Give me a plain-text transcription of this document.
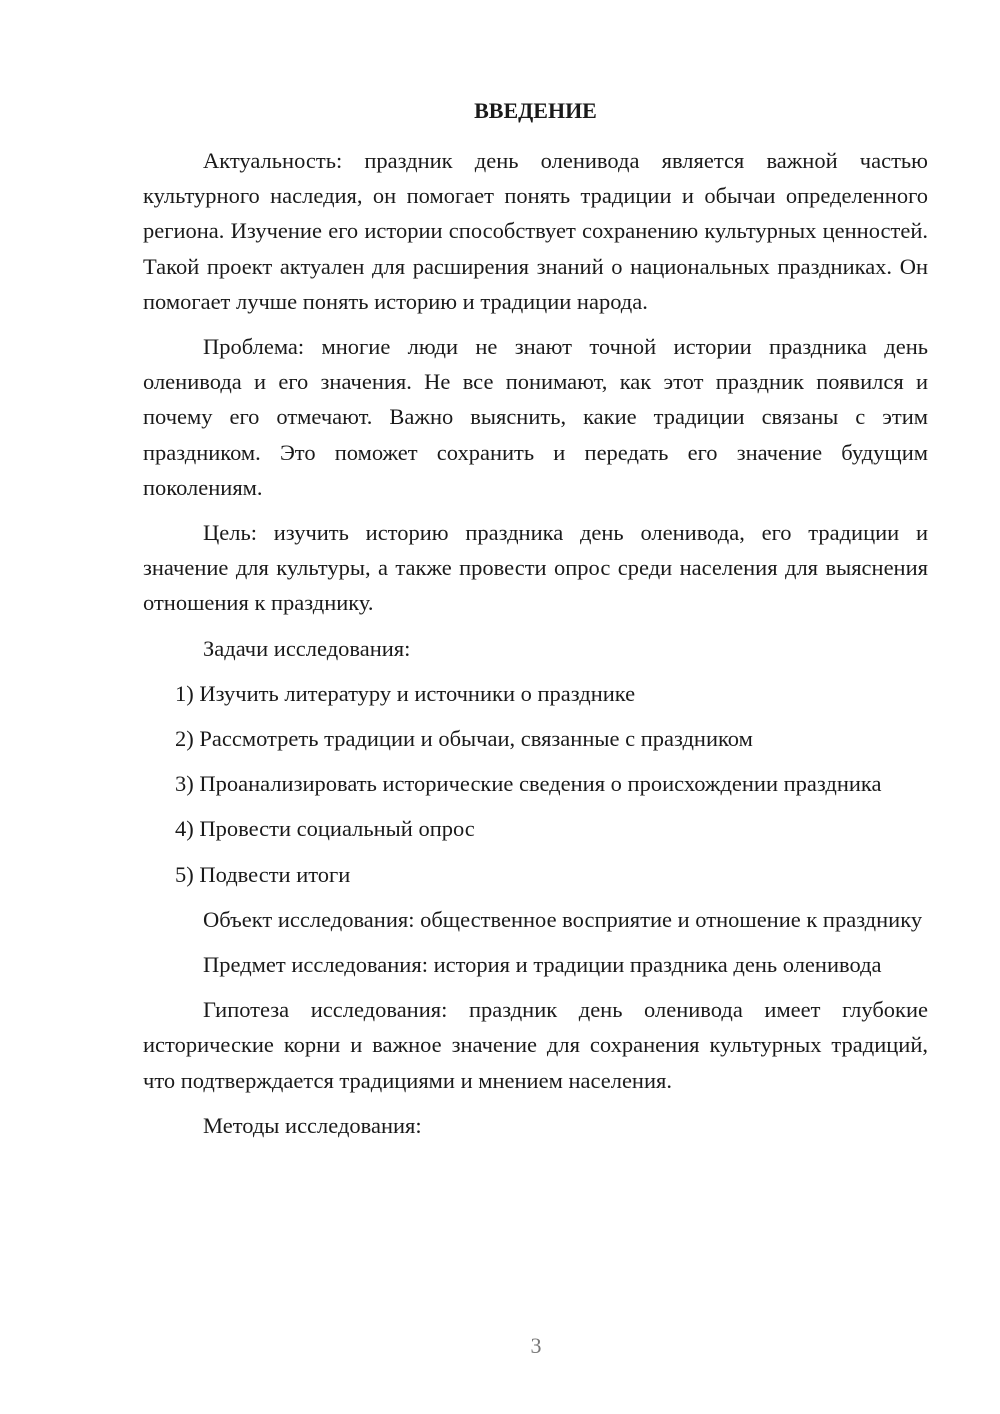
ВВЕДЕНИЕ

Актуальность: праздник день оленивода является важной частью культурного наследия, он помогает понять традиции и обычаи определенного региона. Изучение его истории способствует сохранению культурных ценностей. Такой проект актуален для расширения знаний о национальных праздниках. Он помогает лучше понять историю и традиции народа.

Проблема: многие люди не знают точной истории праздника день оленивода и его значения. Не все понимают, как этот праздник появился и почему его отмечают. Важно выяснить, какие традиции связаны с этим праздником. Это поможет сохранить и передать его значение будущим поколениям.

Цель: изучить историю праздника день оленивода, его традиции и значение для культуры, а также провести опрос среди населения для выяснения отношения к празднику.

Задачи исследования:

1) Изучить литературу и источники о празднике

2) Рассмотреть традиции и обычаи, связанные с праздником

3) Проанализировать исторические сведения о происхождении праздника

4) Провести социальный опрос

5) Подвести итоги

Объект исследования: общественное восприятие и отношение к празднику

Предмет исследования: история и традиции праздника день оленивода

Гипотеза исследования: праздник день оленивода имеет глубокие исторические корни и важное значение для сохранения культурных традиций, что подтверждается традициями и мнением населения.

Методы исследования:

3
